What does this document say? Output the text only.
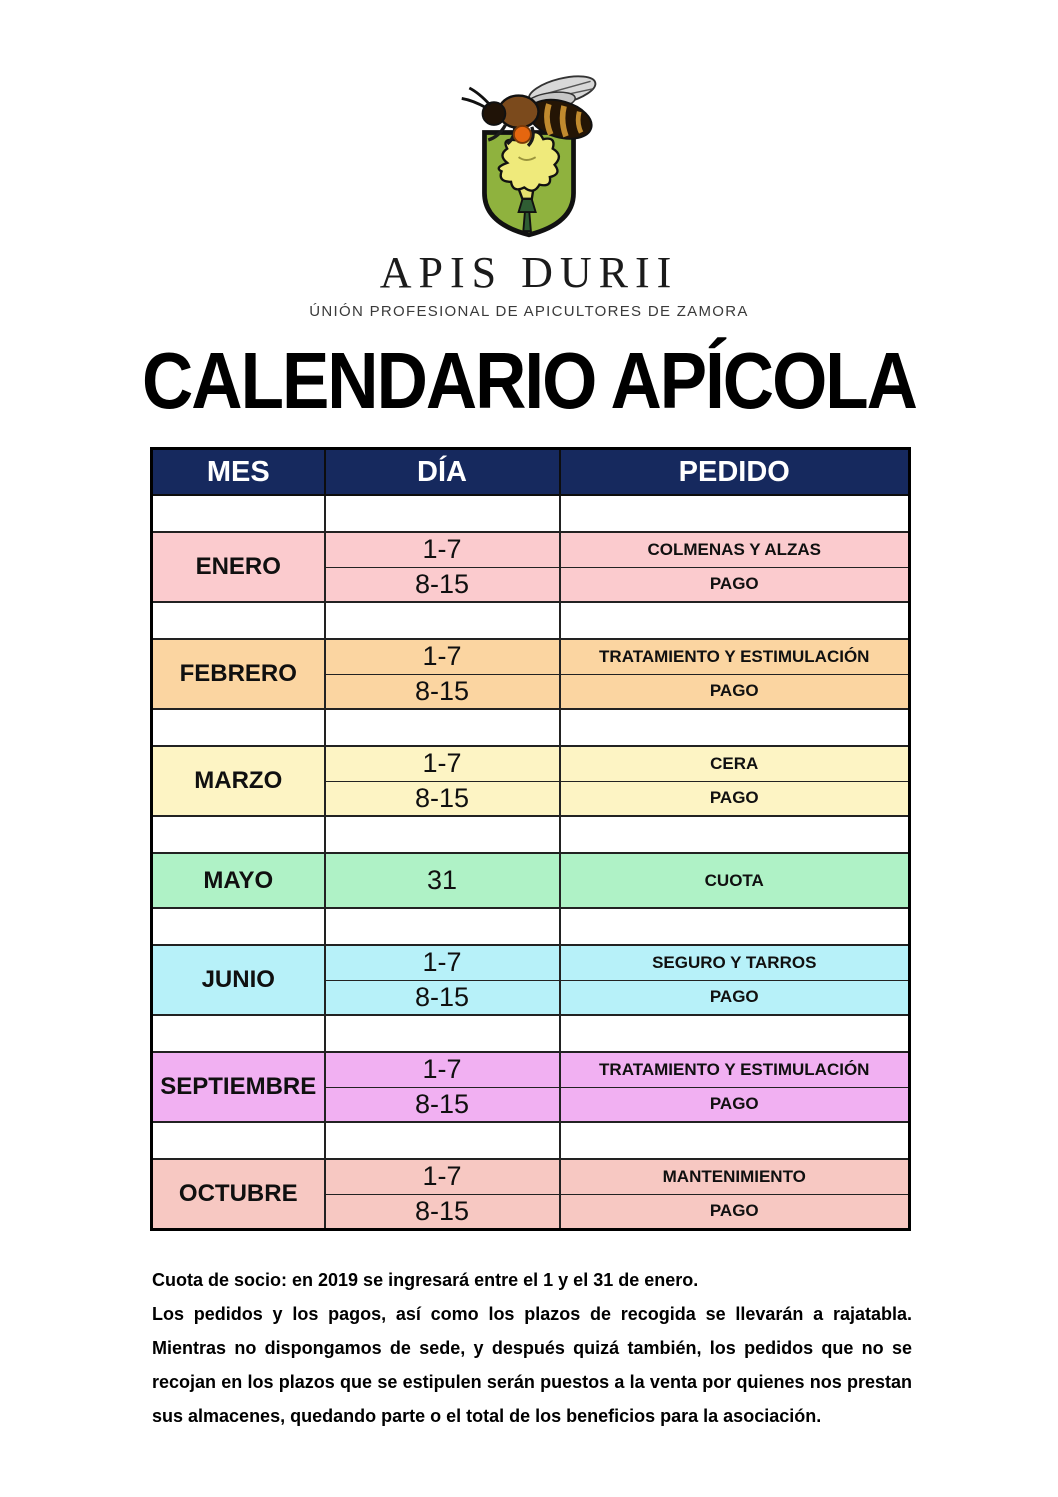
APIS DURII
ÚNIÓN PROFESIONAL DE APICULTORES DE ZAMORA
CALENDARIO APÍCOLA
MES	DÍA	PEDIDO

ENERO	1-7	COLMENAS Y ALZAS
	8-15	PAGO

FEBRERO	1-7	TRATAMIENTO Y ESTIMULACIÓN
	8-15	PAGO

MARZO	1-7	CERA
	8-15	PAGO

MAYO	31	CUOTA

JUNIO	1-7	SEGURO Y TARROS
	8-15	PAGO

SEPTIEMBRE	1-7	TRATAMIENTO Y ESTIMULACIÓN
	8-15	PAGO

OCTUBRE	1-7	MANTENIMIENTO
	8-15	PAGO

Cuota de socio: en 2019 se ingresará entre el 1 y el 31 de enero.

Los pedidos y los pagos, así como los plazos de recogida se llevarán a rajatabla. Mientras no dispongamos de sede, y después quizá también, los pedidos que no se recojan en los plazos que se estipulen serán puestos a la venta por quienes nos prestan sus almacenes, quedando parte o el total de los beneficios para la asociación.
